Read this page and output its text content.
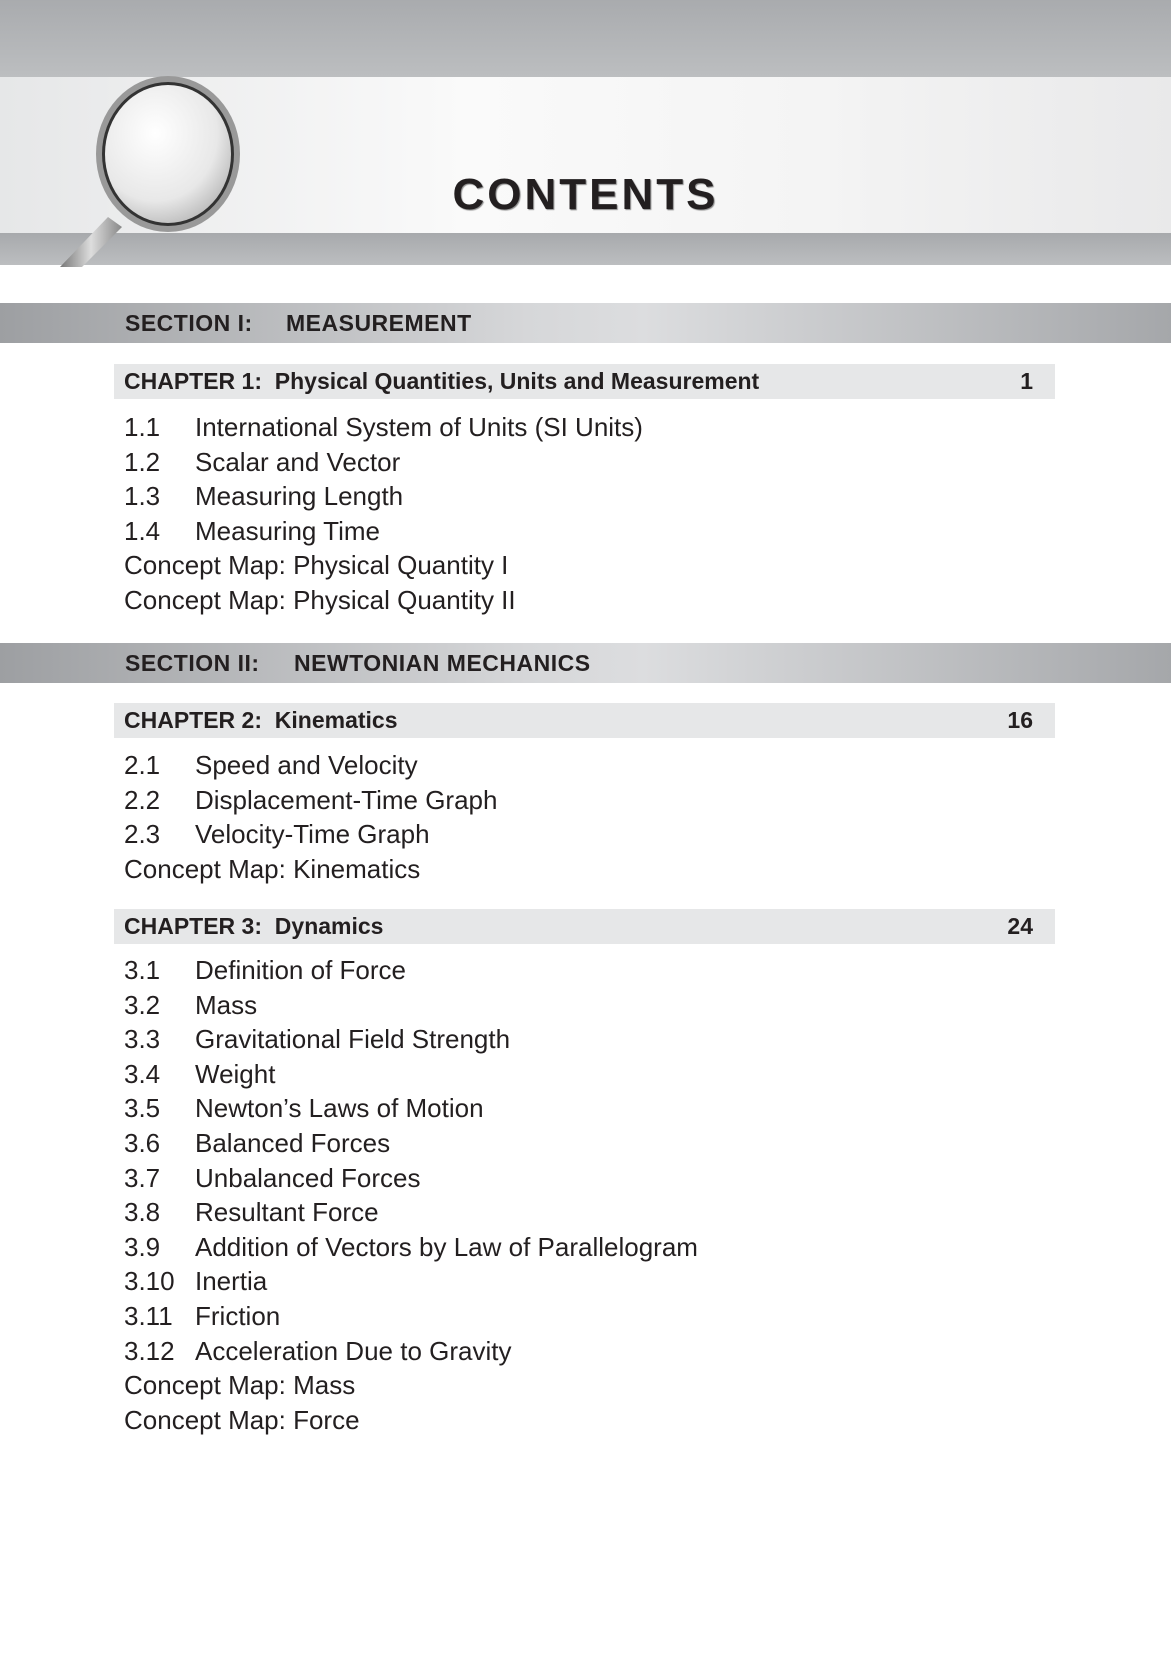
CONTENTS
SECTION I: MEASUREMENT
CHAPTER 1: Physical Quantities, Units and Measurement	1
1.1 International System of Units (SI Units)
1.2 Scalar and Vector
1.3 Measuring Length
1.4 Measuring Time
Concept Map: Physical Quantity I
Concept Map: Physical Quantity II
SECTION II: NEWTONIAN MECHANICS
CHAPTER 2: Kinematics	16
2.1 Speed and Velocity
2.2 Displacement-Time Graph
2.3 Velocity-Time Graph
Concept Map: Kinematics
CHAPTER 3: Dynamics	24
3.1 Definition of Force
3.2 Mass
3.3 Gravitational Field Strength
3.4 Weight
3.5 Newton’s Laws of Motion
3.6 Balanced Forces
3.7 Unbalanced Forces
3.8 Resultant Force
3.9 Addition of Vectors by Law of Parallelogram
3.10 Inertia
3.11 Friction
3.12 Acceleration Due to Gravity
Concept Map: Mass
Concept Map: Force
